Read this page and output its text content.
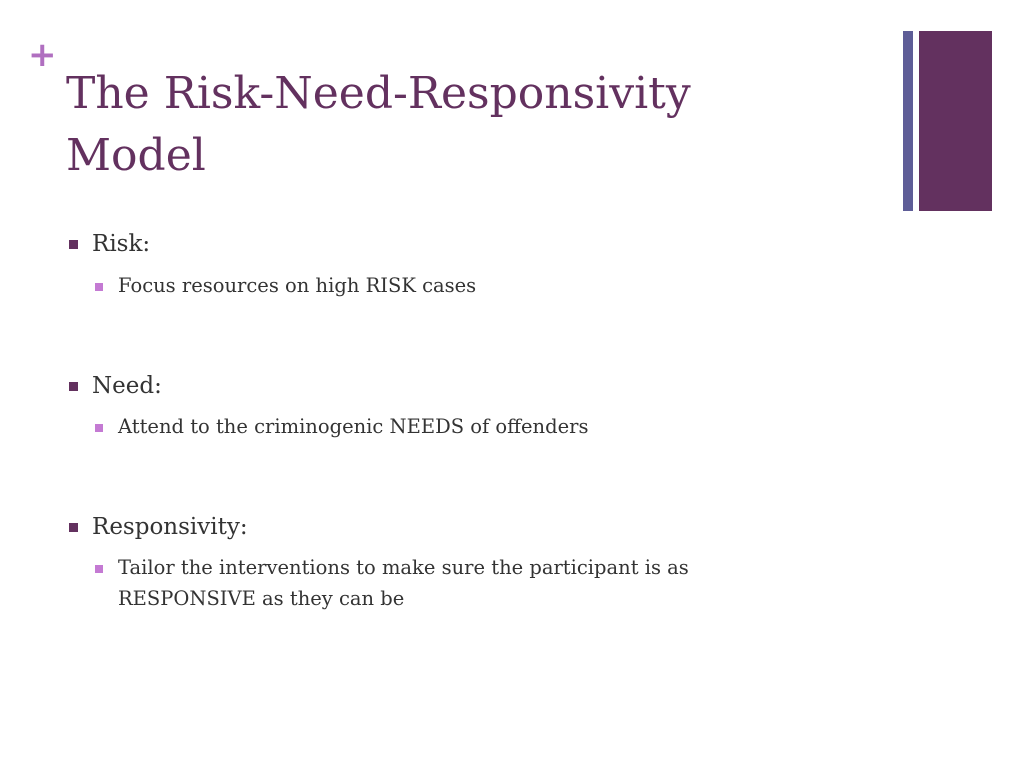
+
The Risk-Need-Responsivity
Model
Risk:
Focus resources on high RISK cases
Need:
Attend to the criminogenic NEEDS of offenders
Responsivity:
Tailor the interventions to make sure the participant is as
RESPONSIVE as they can be
